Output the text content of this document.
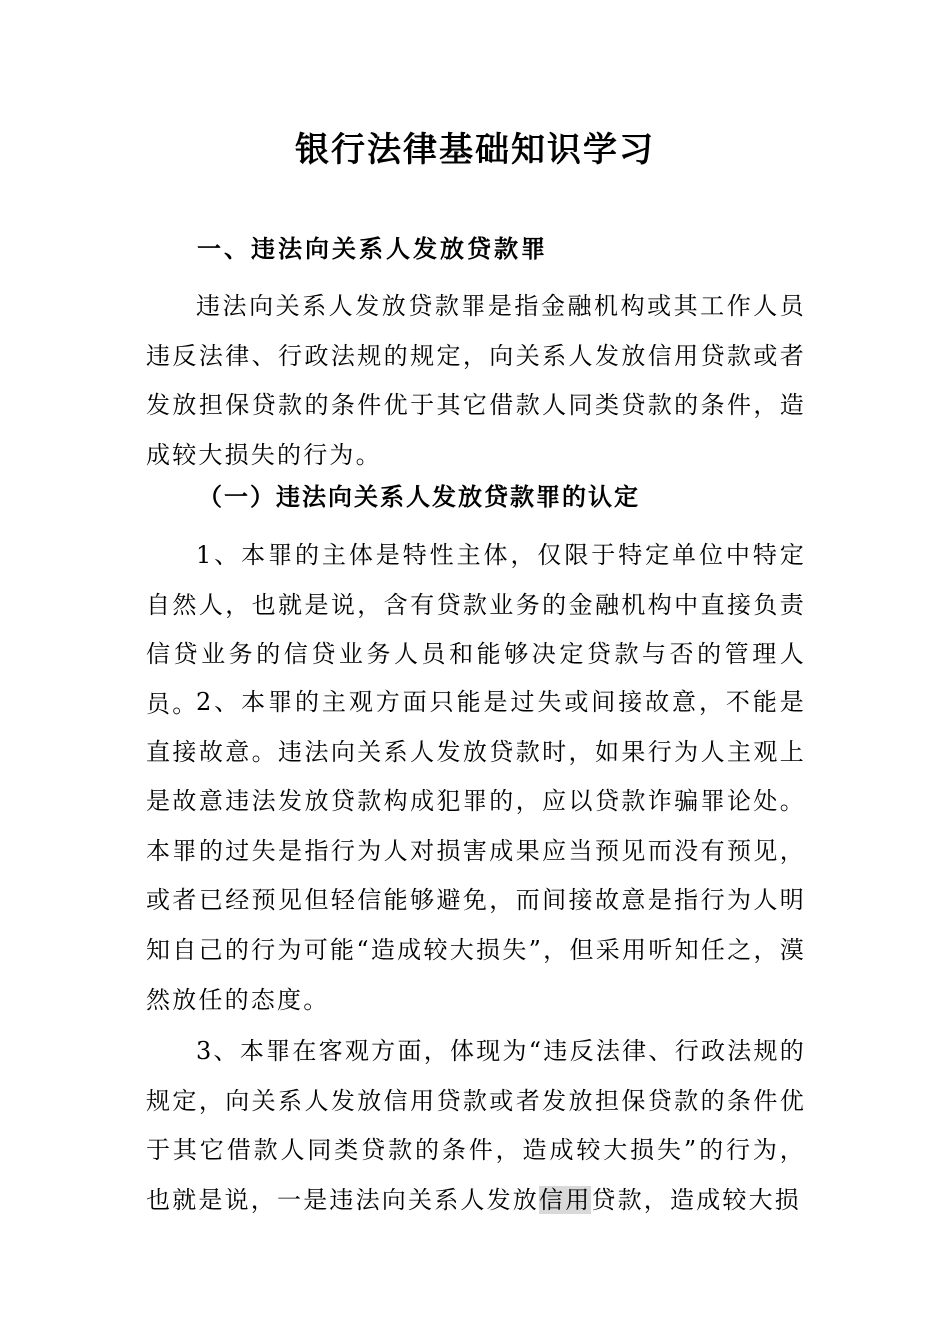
银行法律基础知识学习
一、违法向关系人发放贷款罪

违法向关系人发放贷款罪是指金融机构或其工作人员违反法律、行政法规的规定，向关系人发放信用贷款或者发放担保贷款的条件优于其它借款人同类贷款的条件，造成较大损失的行为。

（一）违法向关系人发放贷款罪的认定

1、本罪的主体是特性主体，仅限于特定单位中特定自然人，也就是说，含有贷款业务的金融机构中直接负责信贷业务的信贷业务人员和能够决定贷款与否的管理人员。

2、本罪的主观方面只能是过失或间接故意，不能是直接故意。违法向关系人发放贷款时，如果行为人主观上是故意违法发放贷款构成犯罪的，应以贷款诈骗罪论处。本罪的过失是指行为人对损害成果应当预见而没有预见，或者已经预见但轻信能够避免，而间接故意是指行为人明知自己的行为可能“造成较大损失”，但采用听知任之，漠然放任的态度。

3、本罪在客观方面，体现为“违反法律、行政法规的规定，向关系人发放信用贷款或者发放担保贷款的条件优于其它借款人同类贷款的条件，造成较大损失”的行为，也就是说，一是违法向关系人发放信用贷款，造成较大损
